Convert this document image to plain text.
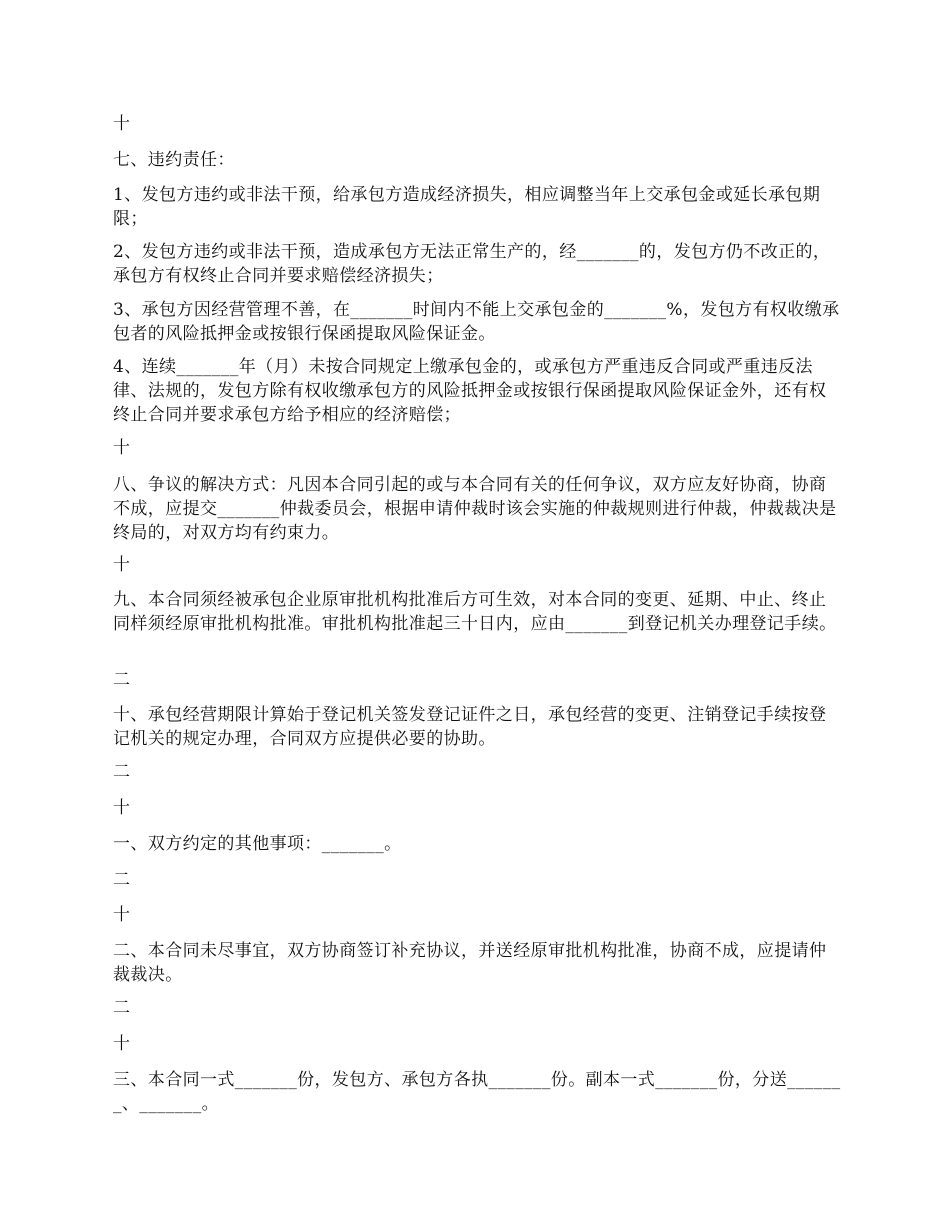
十

七、违约责任：

1、发包方违约或非法干预，给承包方造成经济损失，相应调整当年上交承包金或延长承包期限；

2、发包方违约或非法干预，造成承包方无法正常生产的，经_______的，发包方仍不改正的，承包方有权终止合同并要求赔偿经济损失；

3、承包方因经营管理不善，在_______时间内不能上交承包金的_______%，发包方有权收缴承包者的风险抵押金或按银行保函提取风险保证金。

4、连续_______年（月）未按合同规定上缴承包金的，或承包方严重违反合同或严重违反法律、法规的，发包方除有权收缴承包方的风险抵押金或按银行保函提取风险保证金外，还有权终止合同并要求承包方给予相应的经济赔偿；

十

八、争议的解决方式：凡因本合同引起的或与本合同有关的任何争议，双方应友好协商，协商不成，应提交_______仲裁委员会，根据申请仲裁时该会实施的仲裁规则进行仲裁，仲裁裁决是终局的，对双方均有约束力。

十

九、本合同须经被承包企业原审批机构批准后方可生效，对本合同的变更、延期、中止、终止同样须经原审批机构批准。审批机构批准起三十日内，应由_______到登记机关办理登记手续。

二

十、承包经营期限计算始于登记机关签发登记证件之日，承包经营的变更、注销登记手续按登记机关的规定办理，合同双方应提供必要的协助。

二

十

一、双方约定的其他事项：_______。

二

十

二、本合同未尽事宜，双方协商签订补充协议，并送经原审批机构批准，协商不成，应提请仲裁裁决。

二

十

三、本合同一式_______份，发包方、承包方各执_______份。副本一式_______份，分送_______、_______。
